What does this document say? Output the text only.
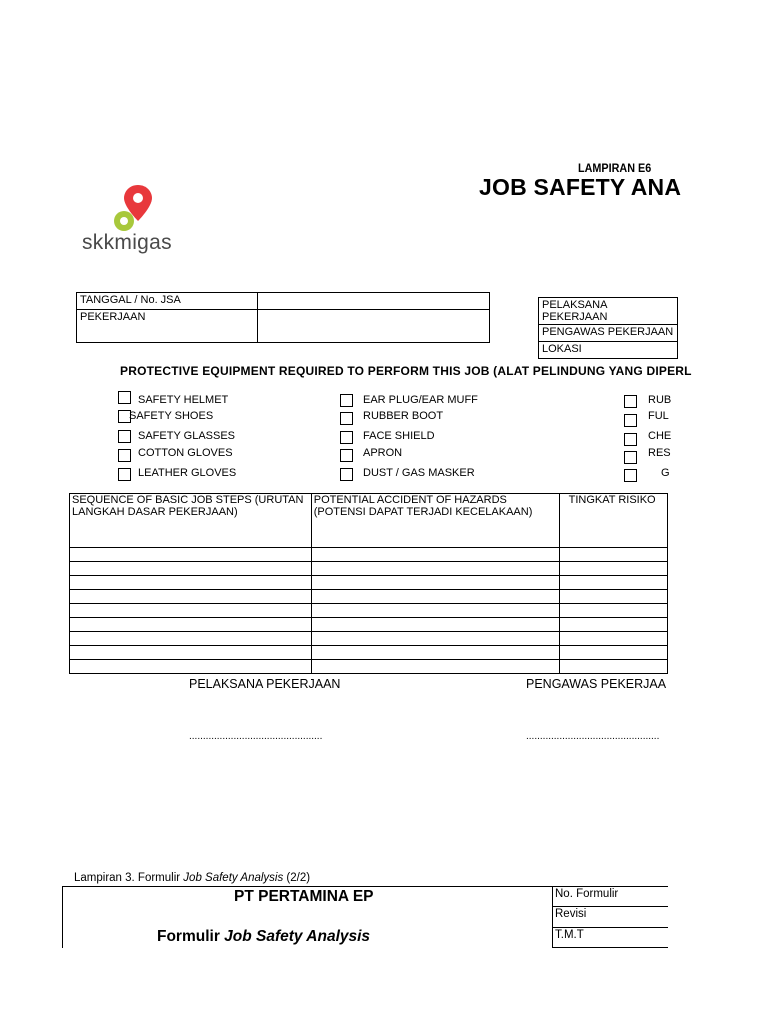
LAMPIRAN E6
JOB SAFETY ANA
skkmigas
TANGGAL / No. JSA	
PEKERJAAN	
PELAKSANA PEKERJAAN
PENGAWAS PEKERJAAN
LOKASI
PROTECTIVE EQUIPMENT REQUIRED TO PERFORM THIS JOB (ALAT PELINDUNG YANG DIPERL
SAFETY HELMET
SAFETY SHOES
SAFETY GLASSES
COTTON GLOVES
LEATHER GLOVES
EAR PLUG/EAR MUFF
RUBBER BOOT
FACE SHIELD
APRON
DUST / GAS MASKER
RUB
FUL
CHE
RES
G
SEQUENCE OF BASIC JOB STEPS (URUTAN LANGKAH DASAR PEKERJAAN)	POTENTIAL ACCIDENT OF HAZARDS (POTENSI DAPAT TERJADI KECELAKAAN)	TINGKAT RISIKO

PELAKSANA PEKERJAAN	PENGAWAS PEKERJAA
................................................	................................................
Lampiran 3. Formulir Job Safety Analysis (2/2)
PT PERTAMINA EP
Formulir Job Safety Analysis
No. Formulir
Revisi
T.M.T
